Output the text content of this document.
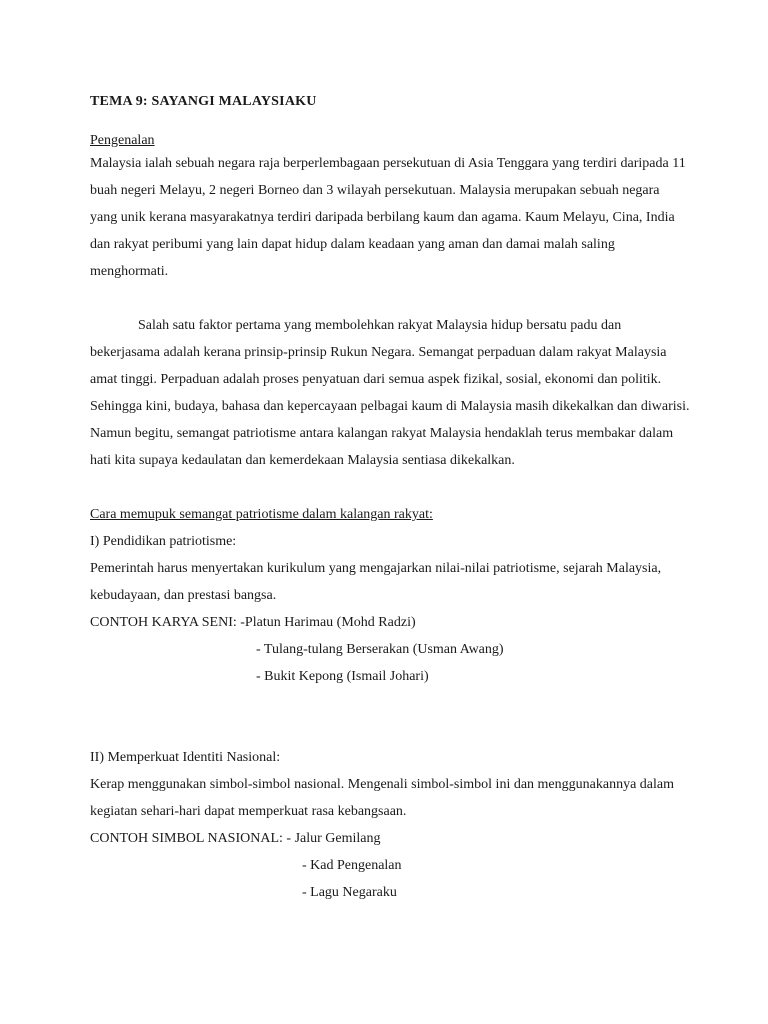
TEMA 9: SAYANGI MALAYSIAKU
Pengenalan

Malaysia ialah sebuah negara raja berperlembagaan persekutuan di Asia Tenggara yang terdiri daripada 11 buah negeri Melayu, 2 negeri Borneo dan 3 wilayah persekutuan. Malaysia merupakan sebuah negara yang unik kerana masyarakatnya terdiri daripada berbilang kaum dan agama. Kaum Melayu, Cina, India dan rakyat peribumi yang lain dapat hidup dalam keadaan yang aman dan damai malah saling menghormati.

Salah satu faktor pertama yang membolehkan rakyat Malaysia hidup bersatu padu dan bekerjasama adalah kerana prinsip-prinsip Rukun Negara. Semangat perpaduan dalam rakyat Malaysia amat tinggi. Perpaduan adalah proses penyatuan dari semua aspek fizikal, sosial, ekonomi dan politik. Sehingga kini, budaya, bahasa dan kepercayaan pelbagai kaum di Malaysia masih dikekalkan dan diwarisi. Namun begitu, semangat patriotisme antara kalangan rakyat Malaysia hendaklah terus membakar dalam hati kita supaya kedaulatan dan kemerdekaan Malaysia sentiasa dikekalkan.

Cara memupuk semangat patriotisme dalam kalangan rakyat:
I) Pendidikan patriotisme:

Pemerintah harus menyertakan kurikulum yang mengajarkan nilai-nilai patriotisme, sejarah Malaysia, kebudayaan, dan prestasi bangsa.

CONTOH KARYA SENI: -Platun Harimau (Mohd Radzi)
- Tulang-tulang Berserakan (Usman Awang)
- Bukit Kepong (Ismail Johari)
II) Memperkuat Identiti Nasional:

Kerap menggunakan simbol-simbol nasional. Mengenali simbol-simbol ini dan menggunakannya dalam kegiatan sehari-hari dapat memperkuat rasa kebangsaan.

CONTOH SIMBOL NASIONAL: - Jalur Gemilang
- Kad Pengenalan
- Lagu Negaraku
